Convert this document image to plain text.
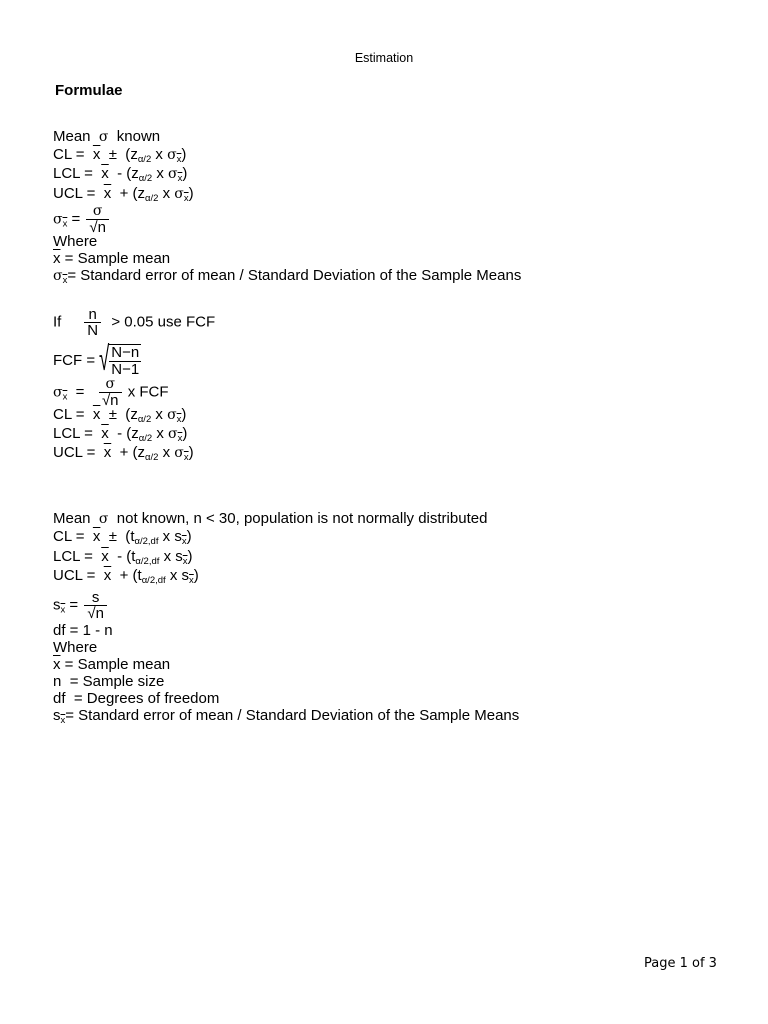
Estimation
Formulae
Mean σ known
CL = $\overline{x} \pm (z_{\alpha/2}$ x $\sigma_{\overline{x}}$)
LCL = $\overline{x} - (z_{\alpha/2}$ x $\sigma_{\overline{x}}$)
UCL = $\overline{x} + (z_{\alpha/2}$ x $\sigma_{\overline{x}}$)
$\sigma_{\overline{x}} = \frac{\sigma}{√n}$
Where
$\overline{x}$ = Sample mean
$\sigma_{\overline{x}}=$ Standard error of mean / Standard Deviation of the Sample Means
If $\frac{n}{N} > 0.05$ use FCF
FCF = √ N−n
N−1
$\sigma_{\overline{x}} = \frac{\sigma}{√n}$ x FCF
CL = $\overline{x} \pm (z_{\alpha/2}$ x $\sigma_{\overline{x}}$)
LCL = $\overline{x} - (z_{\alpha/2}$ x $\sigma_{\overline{x}}$)
UCL = $\overline{x} + (z_{\alpha/2}$ x $\sigma_{\overline{x}}$)
Mean σ not known, n < 30, population is not normally distributed
CL = $\overline{x} \pm (t_{\alpha/2,df}$ x $s_{\overline{x}}$)
LCL = $\overline{x} - (t_{\alpha/2,df}$ x $s_{\overline{x}}$)
UCL = $\overline{x} + (t_{\alpha/2,df}$ x $s_{\overline{x}}$)
$s_{\overline{x}} = \frac{s}{√n}$
df = 1 - n
Where
$\overline{x}$ = Sample mean
n = Sample size
df = Degrees of freedom
$s_{\overline{x}}=$ Standard error of mean / Standard Deviation of the Sample Means
Page 1 of 3
